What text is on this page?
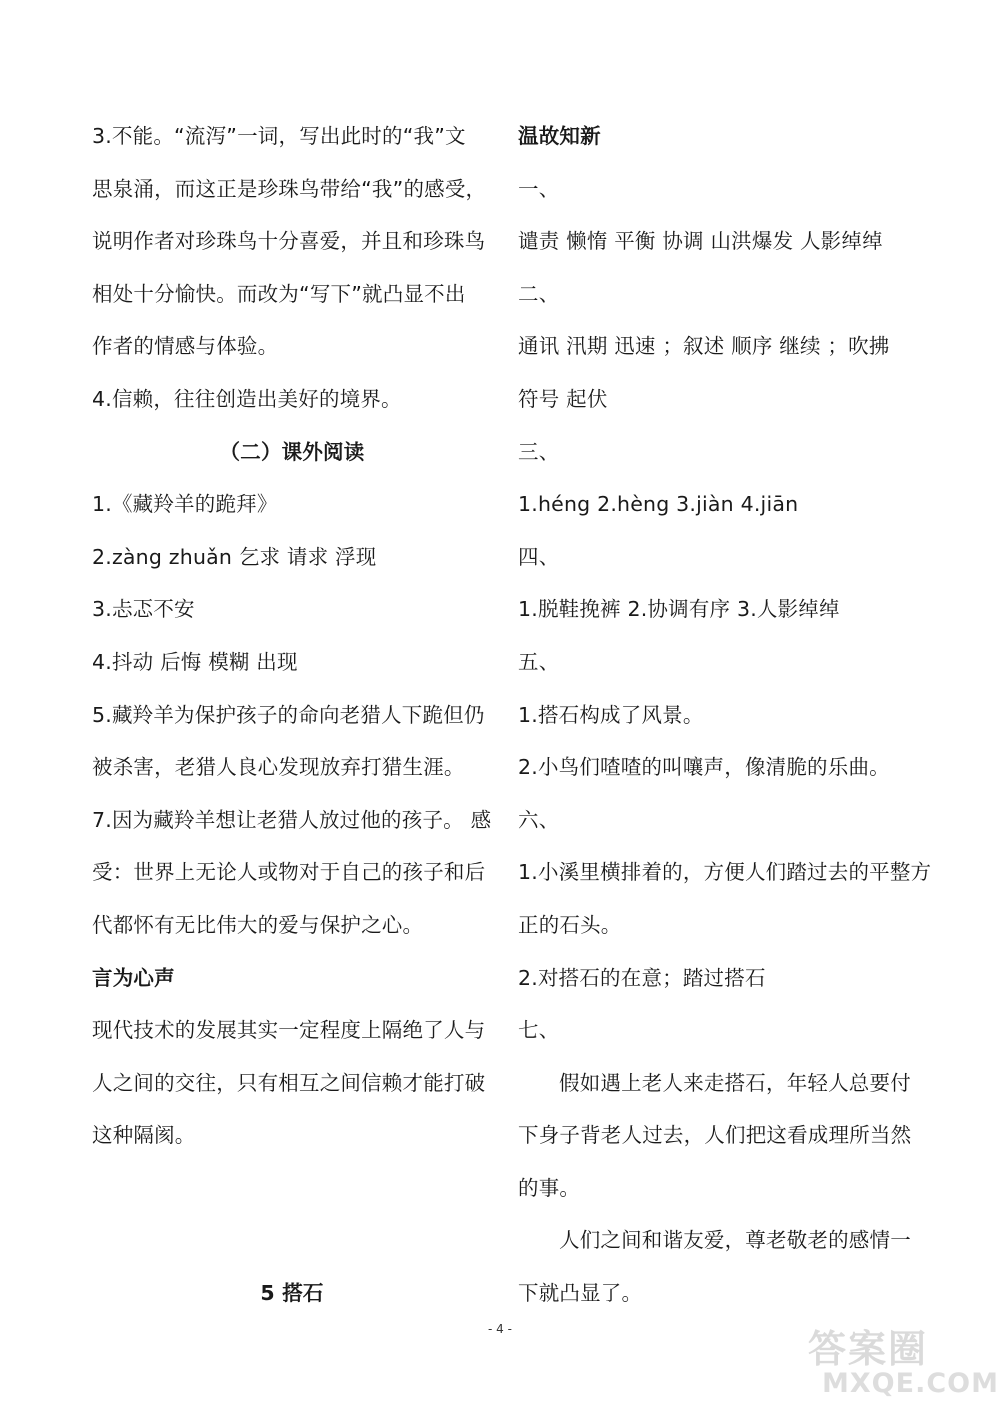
3.不能。“流泻”一词，写出此时的“我”文
思泉涌，而这正是珍珠鸟带给“我”的感受，
说明作者对珍珠鸟十分喜爱，并且和珍珠鸟
相处十分愉快。而改为“写下”就凸显不出
作者的情感与体验。
4.信赖，往往创造出美好的境界。
（二）课外阅读
1.《藏羚羊的跪拜》
2.zàng zhuǎn 乞求 请求 浮现
3.忐忑不安
4.抖动 后悔 模糊 出现
5.藏羚羊为保护孩子的命向老猎人下跪但仍
被杀害，老猎人良心发现放弃打猎生涯。
7.因为藏羚羊想让老猎人放过他的孩子。 感
受：世界上无论人或物对于自己的孩子和后
代都怀有无比伟大的爱与保护之心。
言为心声
现代技术的发展其实一定程度上隔绝了人与
人之间的交往，只有相互之间信赖才能打破
这种隔阂。
5 搭石
温故知新
一、
谴责 懒惰 平衡 协调 山洪爆发 人影绰绰
二、
通讯 汛期 迅速 ；叙述 顺序 继续 ；吹拂
符号 起伏
三、
1.héng 2.hèng 3.jiàn 4.jiān
四、
1.脱鞋挽裤 2.协调有序 3.人影绰绰
五、
1.搭石构成了风景。
2.小鸟们喳喳的叫嚷声，像清脆的乐曲。
六、
1.小溪里横排着的，方便人们踏过去的平整方
正的石头。
2.对搭石的在意；踏过搭石
七、
假如遇上老人来走搭石，年轻人总要付
下身子背老人过去，人们把这看成理所当然
的事。
人们之间和谐友爱，尊老敬老的感情一
下就凸显了。
- 4 -	答案圈
MXQE.COM
